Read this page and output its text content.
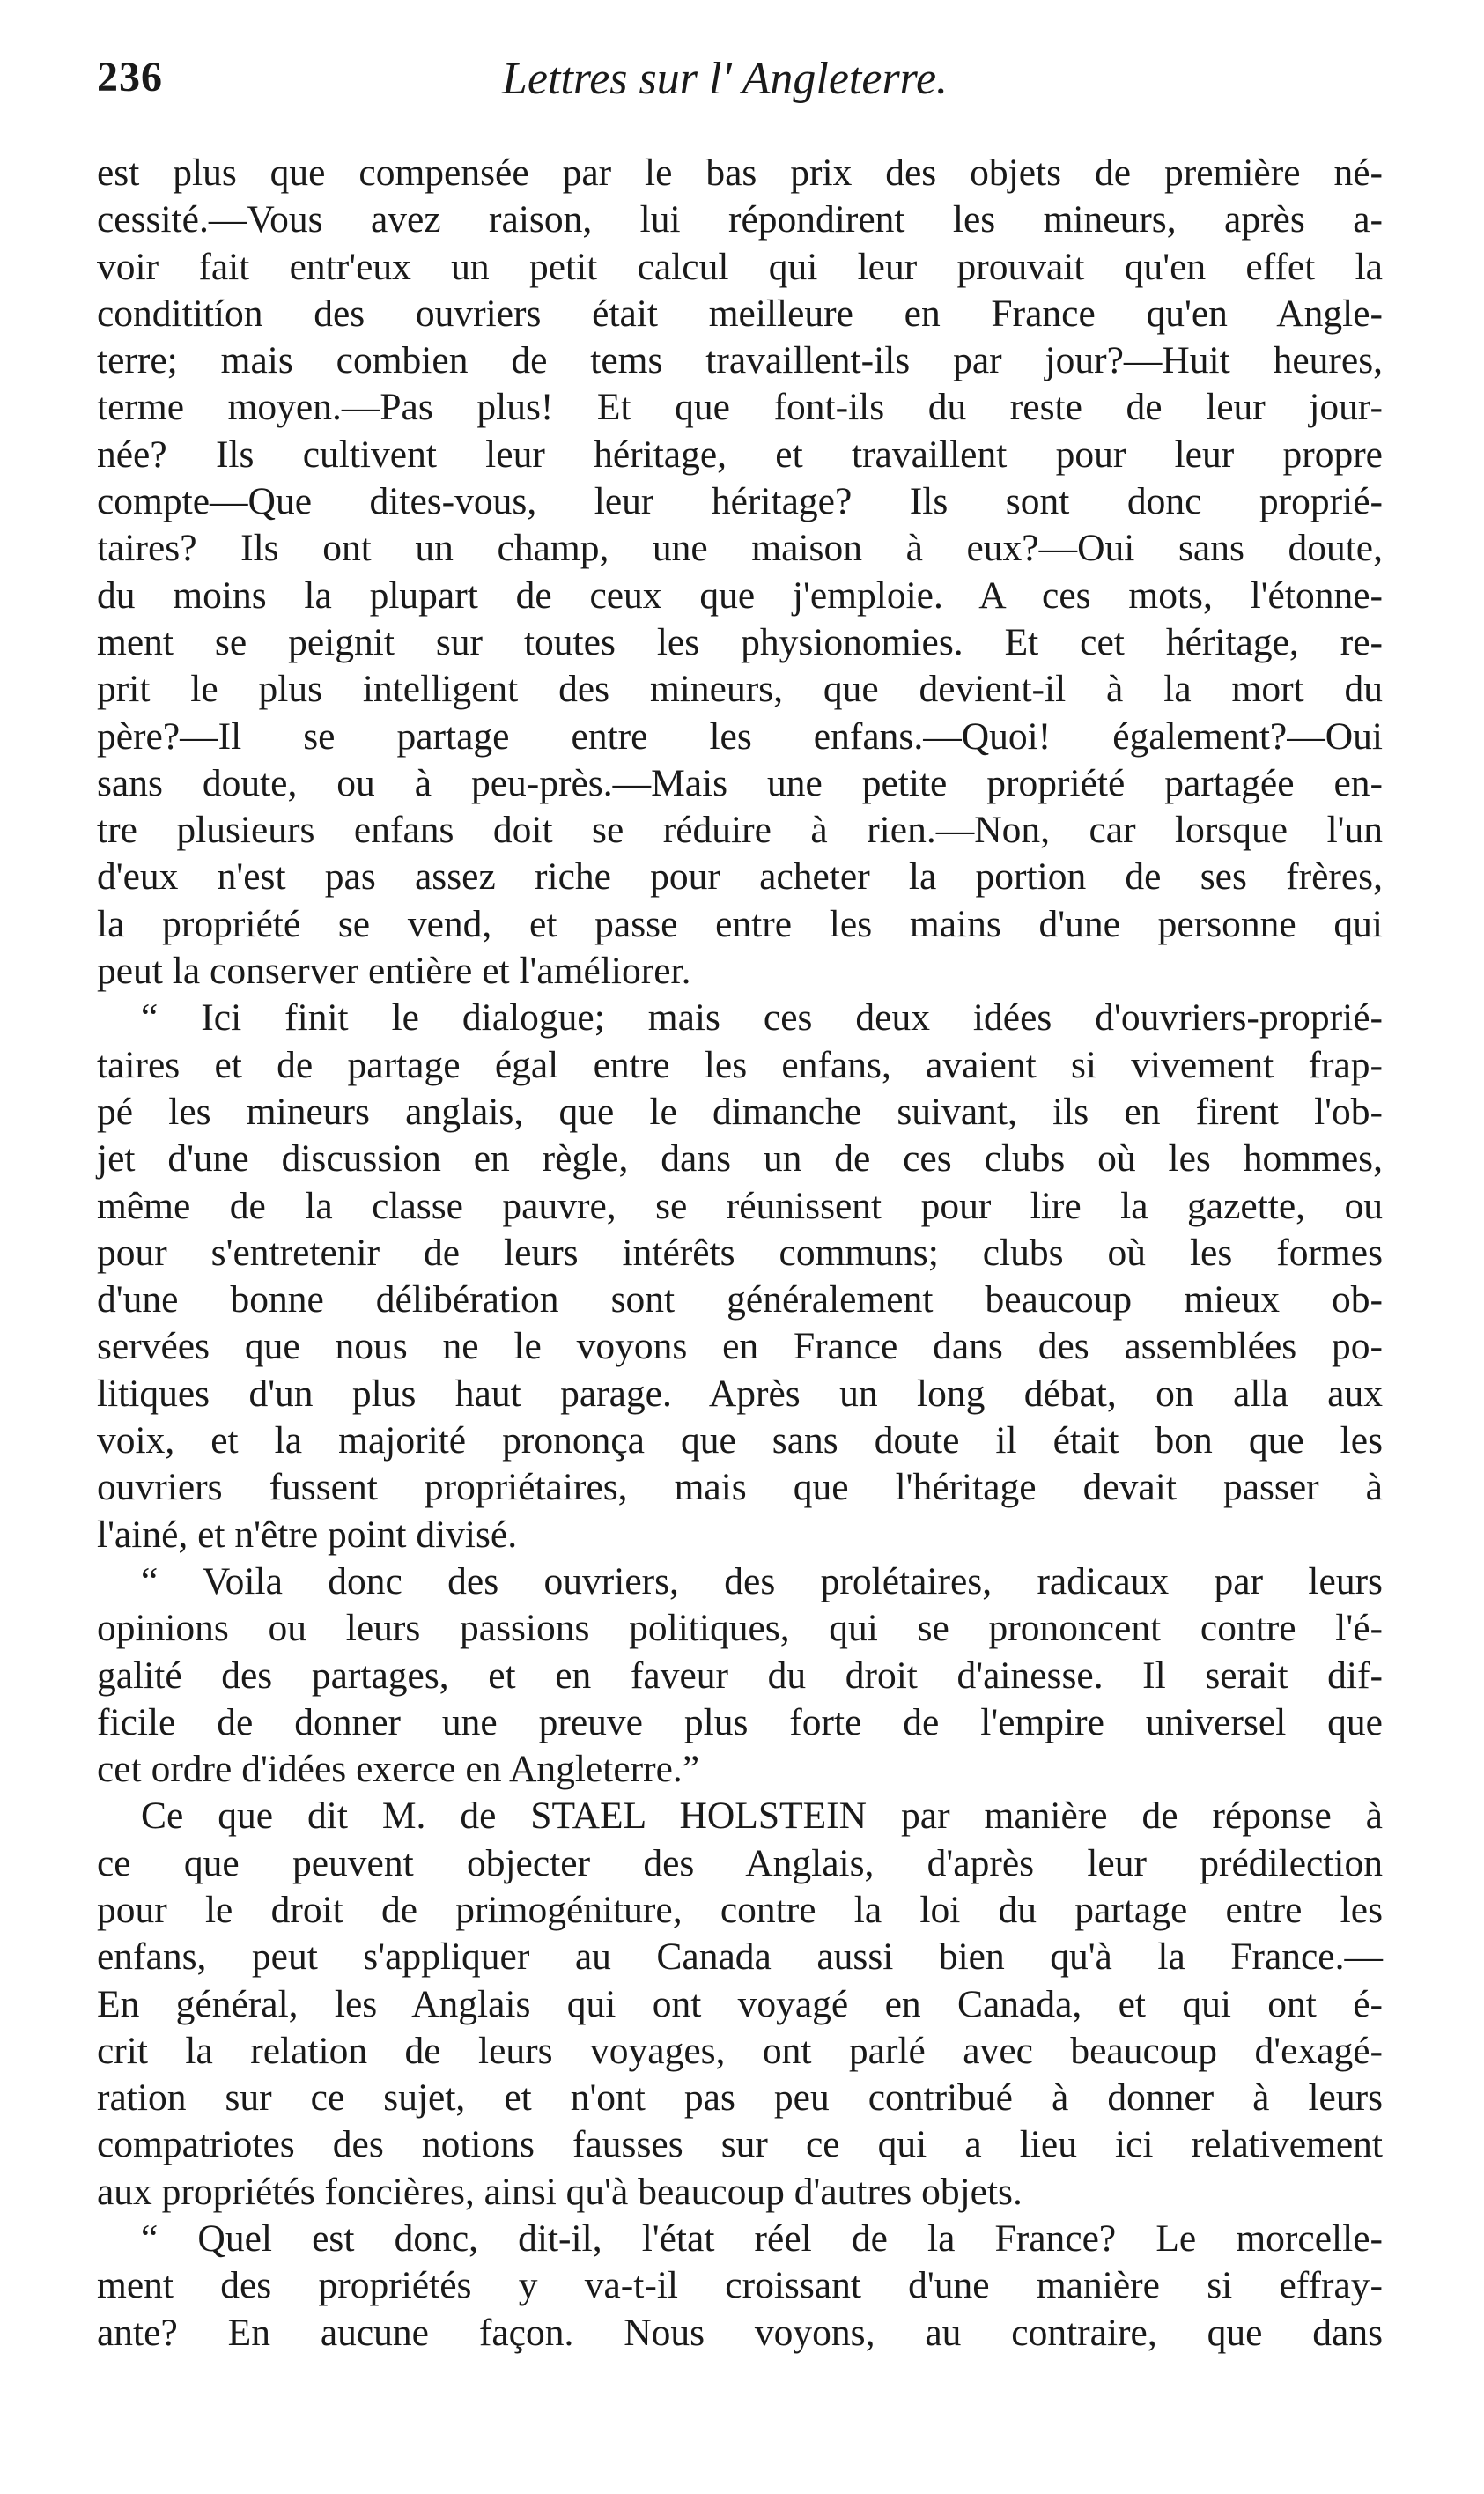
236	Lettres sur l' Angleterre.
est plus que compensée par le bas prix des objets de première né-
cessité.—Vous avez raison, lui répondirent les mineurs, après a-
voir fait entr'eux un petit calcul qui leur prouvait qu'en effet la
condititíon des ouvriers était meilleure en France qu'en Angle-
terre; mais combien de tems travaillent-ils par jour?—Huit heures,
terme moyen.—Pas plus! Et que font-ils du reste de leur jour-
née? Ils cultivent leur héritage, et travaillent pour leur propre
compte—Que dites-vous, leur héritage? Ils sont donc proprié-
taires? Ils ont un champ, une maison à eux?—Oui sans doute,
du moins la plupart de ceux que j'emploie. A ces mots, l'étonne-
ment se peignit sur toutes les physionomies. Et cet héritage, re-
prit le plus intelligent des mineurs, que devient-il à la mort du
père?—Il se partage entre les enfans.—Quoi! également?—Oui
sans doute, ou à peu-près.—Mais une petite propriété partagée en-
tre plusieurs enfans doit se réduire à rien.—Non, car lorsque l'un
d'eux n'est pas assez riche pour acheter la portion de ses frères,
la propriété se vend, et passe entre les mains d'une personne qui
peut la conserver entière et l'améliorer.
“ Ici finit le dialogue; mais ces deux idées d'ouvriers-proprié-
taires et de partage égal entre les enfans, avaient si vivement frap-
pé les mineurs anglais, que le dimanche suivant, ils en firent l'ob-
jet d'une discussion en règle, dans un de ces clubs où les hommes,
même de la classe pauvre, se réunissent pour lire la gazette, ou
pour s'entretenir de leurs intérêts communs; clubs où les formes
d'une bonne délibération sont généralement beaucoup mieux ob-
servées que nous ne le voyons en France dans des assemblées po-
litiques d'un plus haut parage. Après un long débat, on alla aux
voix, et la majorité prononça que sans doute il était bon que les
ouvriers fussent propriétaires, mais que l'héritage devait passer à
l'ainé, et n'être point divisé.
“ Voila donc des ouvriers, des prolétaires, radicaux par leurs
opinions ou leurs passions politiques, qui se prononcent contre l'é-
galité des partages, et en faveur du droit d'ainesse. Il serait dif-
ficile de donner une preuve plus forte de l'empire universel que
cet ordre d'idées exerce en Angleterre.”
Ce que dit M. de STAEL HOLSTEIN par manière de réponse à
ce que peuvent objecter des Anglais, d'après leur prédilection
pour le droit de primogéniture, contre la loi du partage entre les
enfans, peut s'appliquer au Canada aussi bien qu'à la France.—
En général, les Anglais qui ont voyagé en Canada, et qui ont é-
crit la relation de leurs voyages, ont parlé avec beaucoup d'exagé-
ration sur ce sujet, et n'ont pas peu contribué à donner à leurs
compatriotes des notions fausses sur ce qui a lieu ici relativement
aux propriétés foncières, ainsi qu'à beaucoup d'autres objets.
“ Quel est donc, dit-il, l'état réel de la France? Le morcelle-
ment des propriétés y va-t-il croissant d'une manière si effray-
ante? En aucune façon. Nous voyons, au contraire, que dans
